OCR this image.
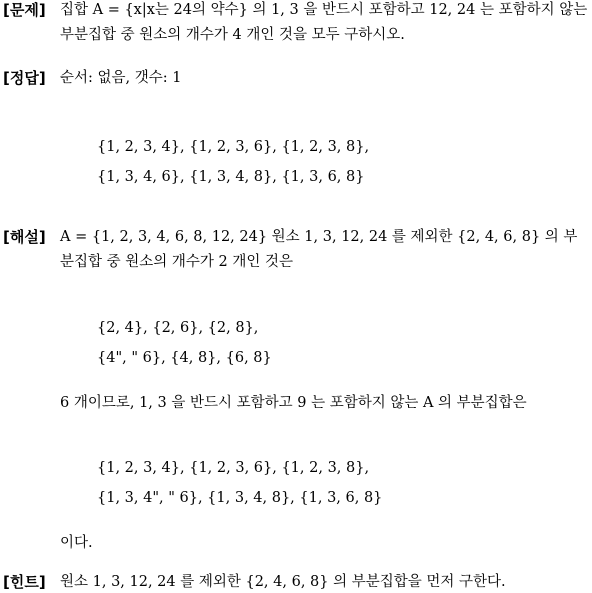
[문제] 집합 A = {x|x는 24의 약수} 의 1, 3 을 반드시 포함하고 12, 24 는 포함하지 않는
부분집합 중 원소의 개수가 4 개인 것을 모두 구하시오.
[정답] 순서: 없음, 갯수: 1
{1, 2, 3, 4}, {1, 2, 3, 6}, {1, 2, 3, 8},
{1, 3, 4, 6}, {1, 3, 4, 8}, {1, 3, 6, 8}
[해설] A = {1, 2, 3, 4, 6, 8, 12, 24} 원소 1, 3, 12, 24 를 제외한 {2, 4, 6, 8} 의 부
분집합 중 원소의 개수가 2 개인 것은
{2, 4}, {2, 6}, {2, 8},
{4", " 6}, {4, 8}, {6, 8}
6 개이므로, 1, 3 을 반드시 포함하고 9 는 포함하지 않는 A 의 부분집합은
{1, 2, 3, 4}, {1, 2, 3, 6}, {1, 2, 3, 8},
{1, 3, 4", " 6}, {1, 3, 4, 8}, {1, 3, 6, 8}
이다.
[힌트] 원소 1, 3, 12, 24 를 제외한 {2, 4, 6, 8} 의 부분집합을 먼저 구한다.
